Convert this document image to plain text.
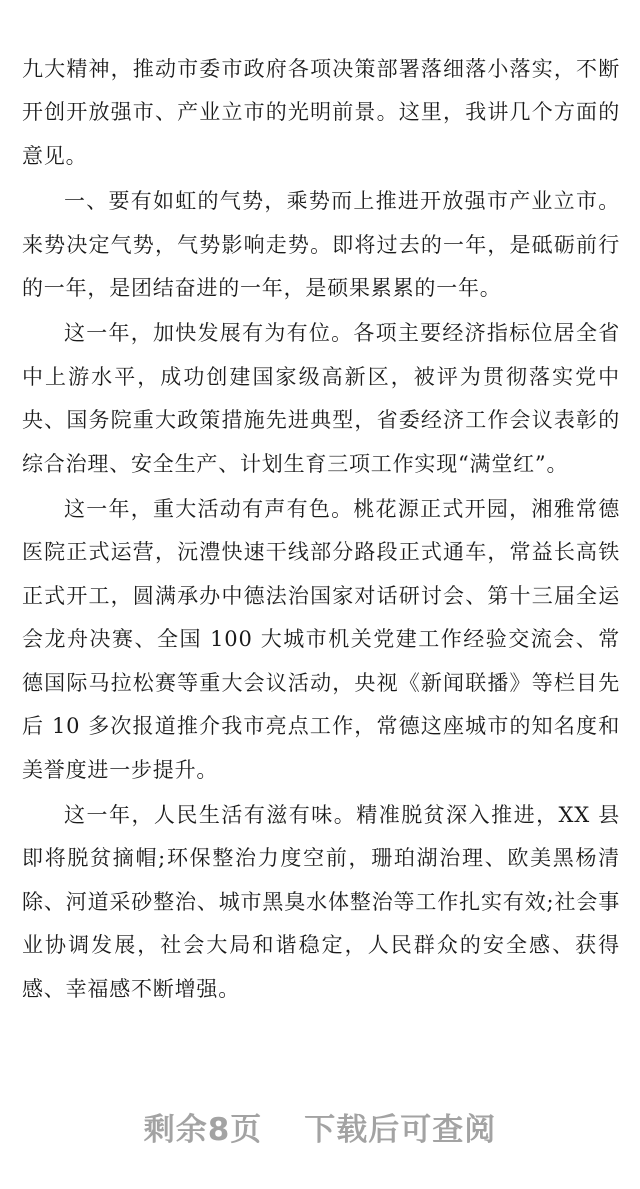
九大精神，推动市委市政府各项决策部署落细落小落实，不断开创开放强市、产业立市的光明前景。这里，我讲几个方面的意见。

一、要有如虹的气势，乘势而上推进开放强市产业立市。来势决定气势，气势影响走势。即将过去的一年，是砥砺前行的一年，是团结奋进的一年，是硕果累累的一年。

这一年，加快发展有为有位。各项主要经济指标位居全省中上游水平，成功创建国家级高新区，被评为贯彻落实党中央、国务院重大政策措施先进典型，省委经济工作会议表彰的综合治理、安全生产、计划生育三项工作实现“满堂红”。

这一年，重大活动有声有色。桃花源正式开园，湘雅常德医院正式运营，沅澧快速干线部分路段正式通车，常益长高铁正式开工，圆满承办中德法治国家对话研讨会、第十三届全运会龙舟决赛、全国 100 大城市机关党建工作经验交流会、常德国际马拉松赛等重大会议活动，央视《新闻联播》等栏目先后 10 多次报道推介我市亮点工作，常德这座城市的知名度和美誉度进一步提升。

这一年，人民生活有滋有味。精准脱贫深入推进，XX 县即将脱贫摘帽;环保整治力度空前，珊珀湖治理、欧美黑杨清除、河道采砂整治、城市黑臭水体整治等工作扎实有效;社会事业协调发展，社会大局和谐稳定，人民群众的安全感、获得感、幸福感不断增强。

剩余8页 下载后可查阅
